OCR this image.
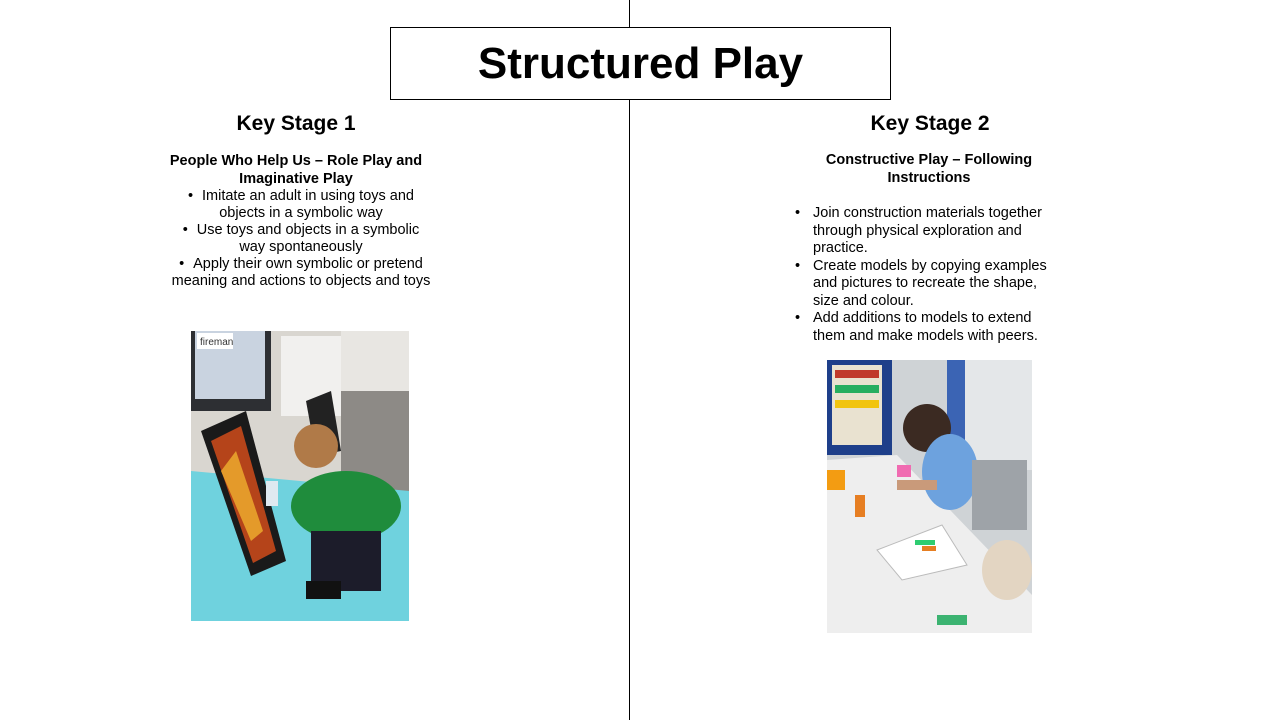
Structured Play
Key Stage 1
People Who Help Us – Role Play and Imaginative Play
• Imitate an adult in using toys and objects in a symbolic way
• Use toys and objects in a symbolic way spontaneously
• Apply their own symbolic or pretend meaning and actions to objects and toys
fireman
Key Stage 2
Constructive Play – Following Instructions
• Join construction materials together through physical exploration and practice.
• Create models by copying examples and pictures to recreate the shape, size and colour.
• Add additions to models to extend them and make models with peers.
